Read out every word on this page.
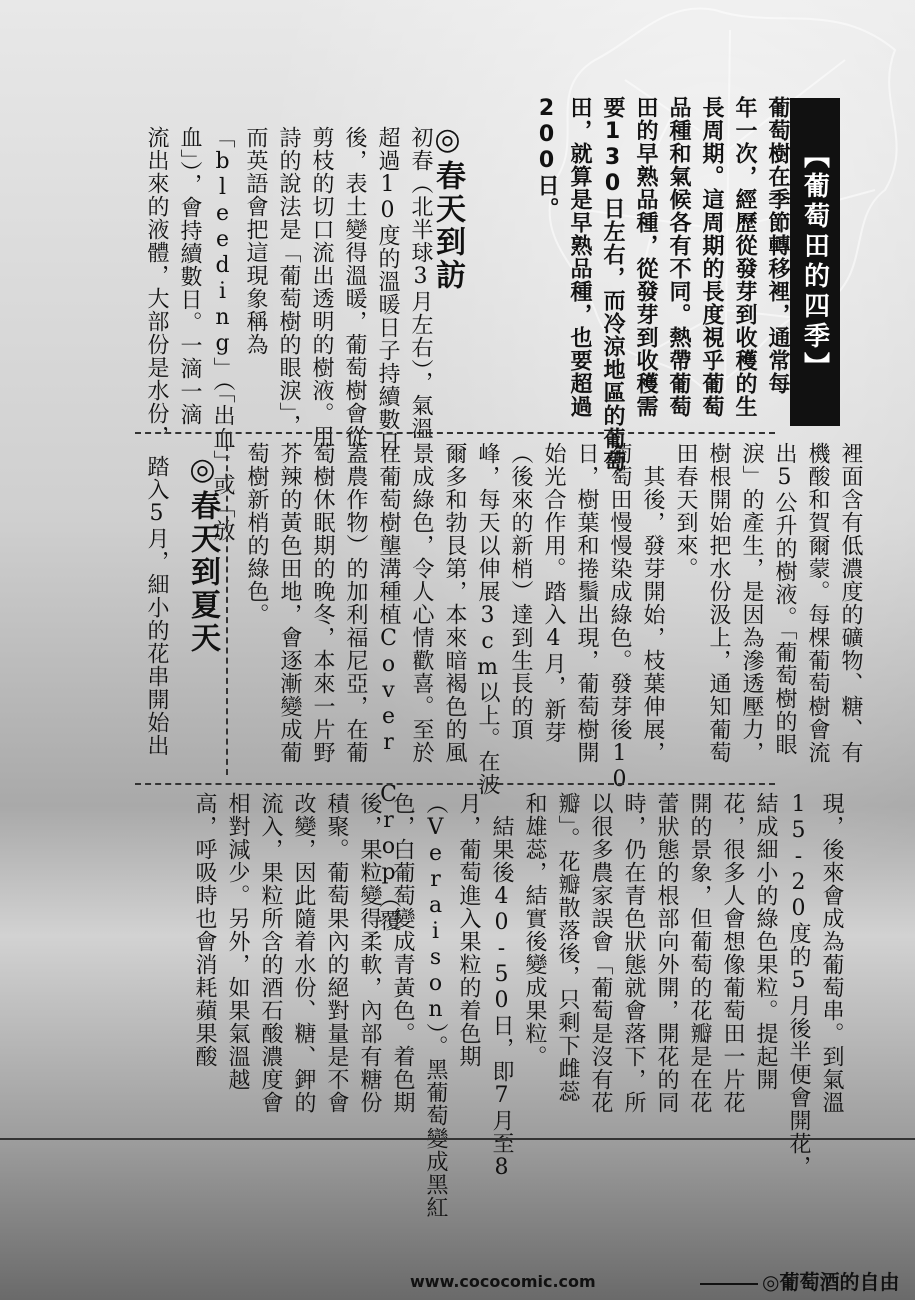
【葡萄田的四季】
葡萄樹在季節轉移裡，通常每
年一次，經歷從發芽到收穫的生
長周期。這周期的長度視乎葡萄
品種和氣候各有不同。熱帶葡萄
田的早熟品種，從發芽到收穫需
要130日左右，而冷涼地區的葡萄
田，就算是早熟品種，也要超過
200日。
◎春天到訪
初春（北半球3月左右），氣溫
超過10度的溫暖日子持續數日
後，表土變得溫暖，葡萄樹會從
剪枝的切口流出透明的樹液。用
詩的說法是「葡萄樹的眼淚」，
而英語會把這現象稱為
「bleeding」（「出血」或「放
血」），會持續數日。一滴一滴
流出來的液體，大部份是水份，
◎春天到夏天
踏入5月，細小的花串開始出	裡面含有低濃度的礦物、糖、有
機酸和賀爾蒙。每棵葡萄樹會流
出5公升的樹液。「葡萄樹的眼
淚」的產生，是因為滲透壓力，
樹根開始把水份汲上，通知葡萄
田春天到來。
　其後，發芽開始，枝葉伸展，
葡萄田慢慢染成綠色。發芽後10
日，樹葉和捲鬚出現，葡萄樹開
始光合作用。踏入4月，新芽
（後來的新梢）達到生長的頂
峰，每天以伸展3cm以上。在波
爾多和勃艮第，本來暗褐色的風
景成綠色，令人心情歡喜。至於
在葡萄樹壟溝種植Cover Crop（覆
蓋農作物）的加利福尼亞，在葡
萄樹休眠期的晚冬，本來一片野
芥辣的黃色田地，會逐漸變成葡
萄樹新梢的綠色。
現，後來會成為葡萄串。到氣溫
15-20度的5月後半便會開花，
結成細小的綠色果粒。提起開
花，很多人會想像葡萄田一片花
開的景象，但葡萄的花瓣是在花
蕾狀態的根部向外開，開花的同
時，仍在青色狀態就會落下，所
以很多農家誤會「葡萄是沒有花
瓣」。花瓣散落後，只剩下雌蕊
和雄蕊，結實後變成果粒。
　結果後40-50日，即7月至8
月，葡萄進入果粒的着色期
（Veraison）。黑葡萄變成黑紅
色，白葡萄變成青黃色。着色期
後，果粒變得柔軟，內部有糖份
積聚。葡萄果內的絕對量是不會
改變，因此隨着水份、糖、鉀的
流入，果粒所含的酒石酸濃度會
相對減少。另外，如果氣溫越
高，呼吸時也會消耗蘋果酸
www.cococomic.com	◎葡萄酒的自由
